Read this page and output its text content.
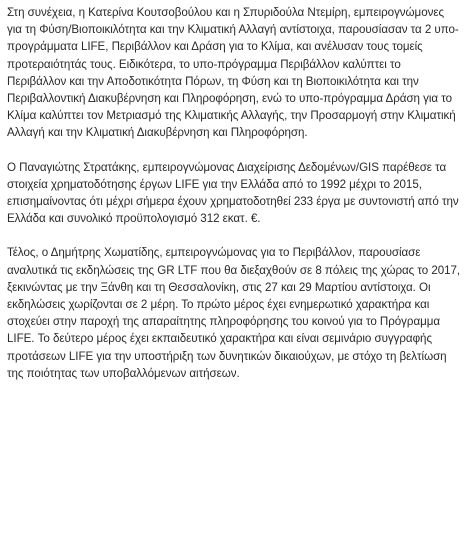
Στη συνέχεια, η Κατερίνα Κουτσοβούλου και η Σπυριδούλα Ντεμίρη, εμπειρογνώμονες για τη Φύση/Βιοποικιλότητα και την Κλιματική Αλλαγή αντίστοιχα, παρουσίασαν τα 2 υπο-προγράμματα LIFE, Περιβάλλον και Δράση για το Κλίμα, και ανέλυσαν τους τομείς προτεραιότητάς τους. Ειδικότερα, το υπο-πρόγραμμα Περιβάλλον καλύπτει το Περιβάλλον και την Αποδοτικότητα Πόρων, τη Φύση και τη Βιοποικιλότητα και την Περιβαλλοντική Διακυβέρνηση και Πληροφόρηση, ενώ το υπο-πρόγραμμα Δράση για το Κλίμα καλύπτει τον Μετριασμό της Κλιματικής Αλλαγής, την Προσαρμογή στην Κλιματική Αλλαγή και την Κλιματική Διακυβέρνηση και Πληροφόρηση.

Ο Παναγιώτης Στρατάκης, εμπειρογνώμονας Διαχείρισης Δεδομένων/GIS παρέθεσε τα στοιχεία χρηματοδότησης έργων LIFE για την Ελλάδα από το 1992 μέχρι το 2015, επισημαίνοντας ότι μέχρι σήμερα έχουν χρηματοδοτηθεί 233 έργα με συντονιστή από την Ελλάδα και συνολικό προϋπολογισμό 312 εκατ. €.

Τέλος, ο Δημήτρης Χωματίδης, εμπειρογνώμονας για το Περιβάλλον, παρουσίασε αναλυτικά τις εκδηλώσεις της GR LTF που θα διεξαχθούν σε 8 πόλεις της χώρας το 2017, ξεκινώντας με την Ξάνθη και τη Θεσσαλονίκη, στις 27 και 29 Μαρτίου αντίστοιχα. Οι εκδηλώσεις χωρίζονται σε 2 μέρη. Το πρώτο μέρος έχει ενημερωτικό χαρακτήρα και στοχεύει στην παροχή της απαραίτητης πληροφόρησης του κοινού για το Πρόγραμμα LIFE. Το δεύτερο μέρος έχει εκπαιδευτικό χαρακτήρα και είναι σεμινάριο συγγραφής προτάσεων LIFE για την υποστήριξη των δυνητικών δικαιούχων, με στόχο τη βελτίωση της ποιότητας των υποβαλλόμενων αιτήσεων.
